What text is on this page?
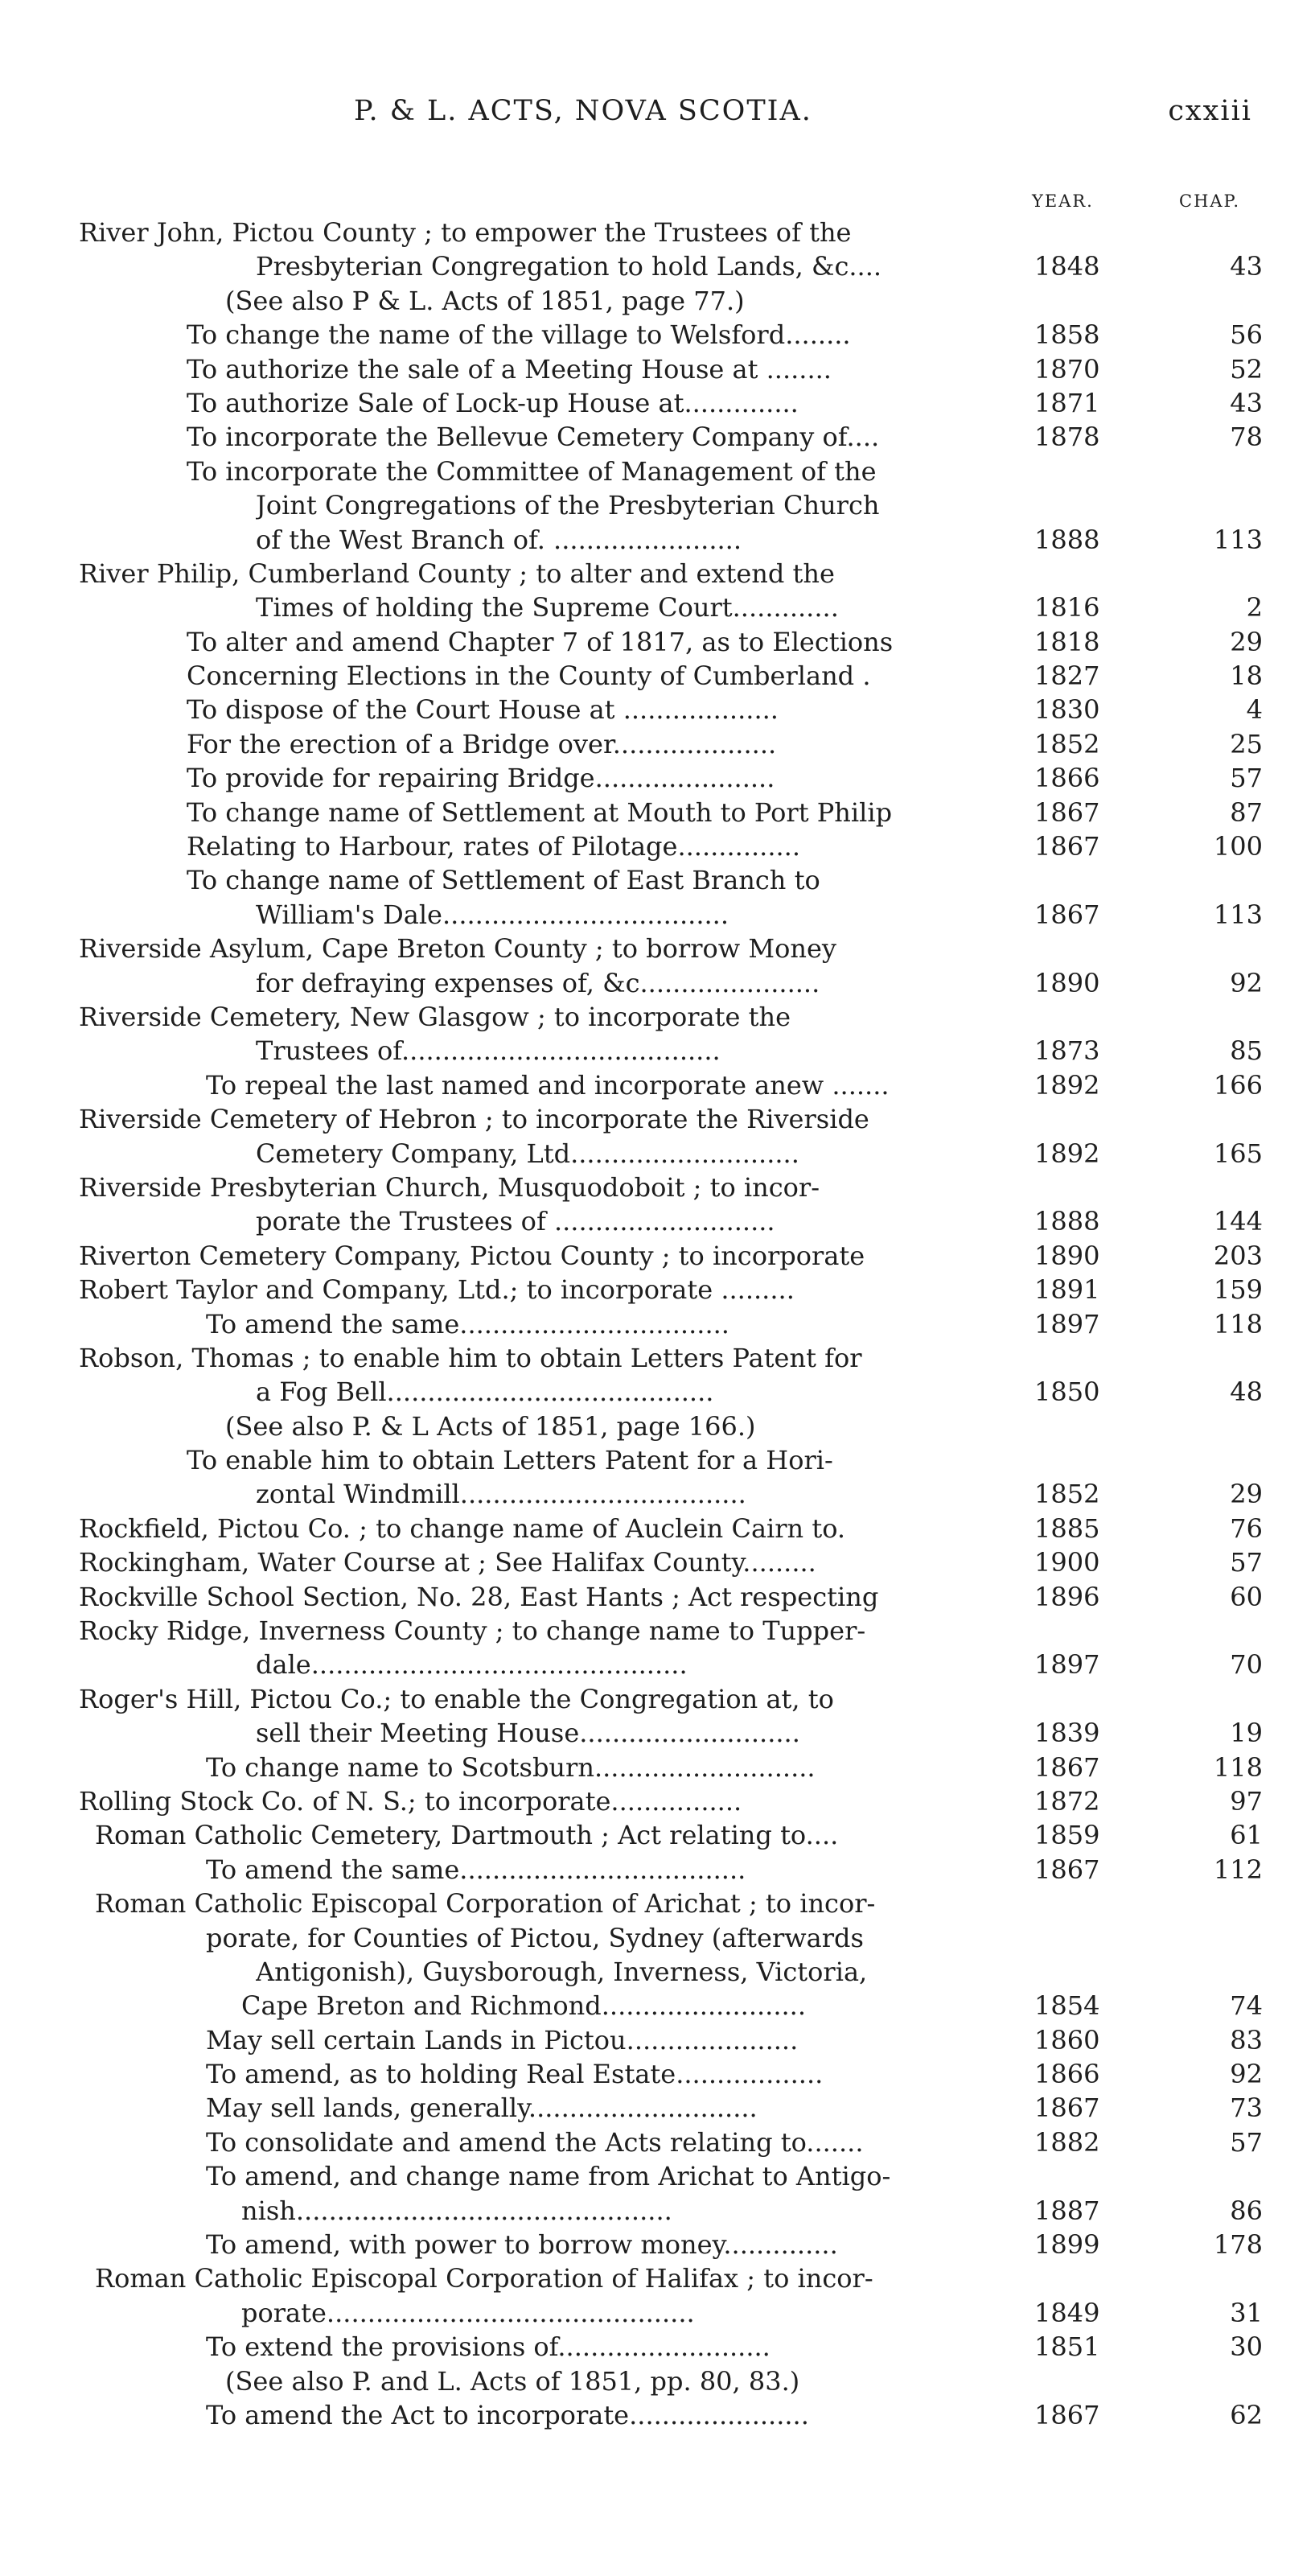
P. & L. ACTS, NOVA SCOTIA.	cxxiii
YEAR.	CHAP.
River John, Pictou County ; to empower the Trustees of the
Presbyterian Congregation to hold Lands, &c....	1848	43
(See also P & L. Acts of 1851, page 77.)
To change the name of the village to Welsford........	1858	56
To authorize the sale of a Meeting House at ........	1870	52
To authorize Sale of Lock-up House at..............	1871	43
To incorporate the Bellevue Cemetery Company of....	1878	78
To incorporate the Committee of Management of the
Joint Congregations of the Presbyterian Church
of the West Branch of. .......................	1888	113
River Philip, Cumberland County ; to alter and extend the
Times of holding the Supreme Court.............	1816	2
To alter and amend Chapter 7 of 1817, as to Elections	1818	29
Concerning Elections in the County of Cumberland .	1827	18
To dispose of the Court House at ...................	1830	4
For the erection of a Bridge over....................	1852	25
To provide for repairing Bridge......................	1866	57
To change name of Settlement at Mouth to Port Philip	1867	87
Relating to Harbour, rates of Pilotage...............	1867	100
To change name of Settlement of East Branch to
William's Dale...................................	1867	113
Riverside Asylum, Cape Breton County ; to borrow Money
for defraying expenses of, &c......................	1890	92
Riverside Cemetery, New Glasgow ; to incorporate the
Trustees of.......................................	1873	85
To repeal the last named and incorporate anew .......	1892	166
Riverside Cemetery of Hebron ; to incorporate the Riverside
Cemetery Company, Ltd............................	1892	165
Riverside Presbyterian Church, Musquodoboit ; to incor-
porate the Trustees of ...........................	1888	144
Riverton Cemetery Company, Pictou County ; to incorporate	1890	203
Robert Taylor and Company, Ltd.; to incorporate .........	1891	159
To amend the same.................................	1897	118
Robson, Thomas ; to enable him to obtain Letters Patent for
a Fog Bell........................................	1850	48
(See also P. & L Acts of 1851, page 166.)
To enable him to obtain Letters Patent for a Hori-
zontal Windmill...................................	1852	29
Rockfield, Pictou Co. ; to change name of Auclein Cairn to.	1885	76
Rockingham, Water Course at ; See Halifax County.........	1900	57
Rockville School Section, No. 28, East Hants ; Act respecting	1896	60
Rocky Ridge, Inverness County ; to change name to Tupper-
dale..............................................	1897	70
Roger's Hill, Pictou Co.; to enable the Congregation at, to
sell their Meeting House...........................	1839	19
To change name to Scotsburn...........................	1867	118
Rolling Stock Co. of N. S.; to incorporate................	1872	97
Roman Catholic Cemetery, Dartmouth ; Act relating to....	1859	61
To amend the same...................................	1867	112
Roman Catholic Episcopal Corporation of Arichat ; to incor-
porate, for Counties of Pictou, Sydney (afterwards
Antigonish), Guysborough, Inverness, Victoria,
Cape Breton and Richmond.........................	1854	74
May sell certain Lands in Pictou.....................	1860	83
To amend, as to holding Real Estate..................	1866	92
May sell lands, generally............................	1867	73
To consolidate and amend the Acts relating to.......	1882	57
To amend, and change name from Arichat to Antigo-
nish..............................................	1887	86
To amend, with power to borrow money..............	1899	178
Roman Catholic Episcopal Corporation of Halifax ; to incor-
porate.............................................	1849	31
To extend the provisions of..........................	1851	30
(See also P. and L. Acts of 1851, pp. 80, 83.)
To amend the Act to incorporate......................	1867	62
